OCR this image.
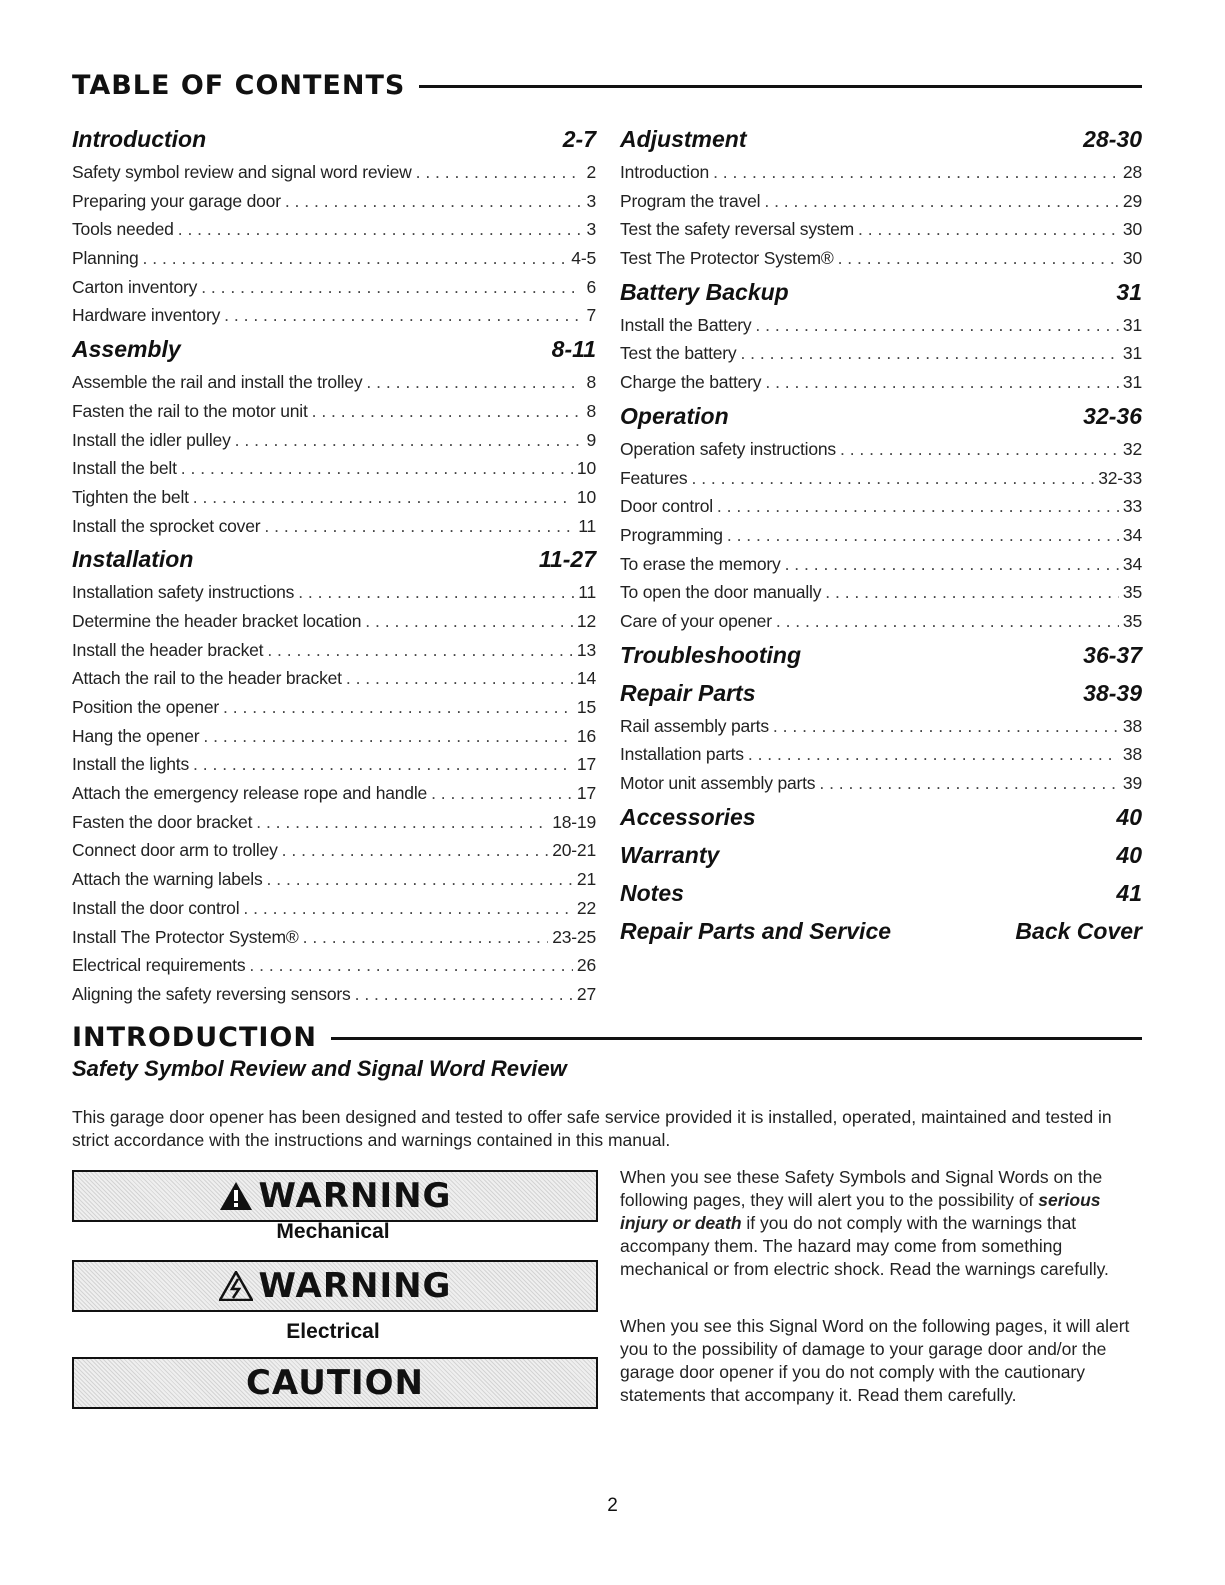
TABLE OF CONTENTS
Introduction	2-7
Safety symbol review and signal word review . . .	2
Preparing your garage door . . .	3
Tools needed . . .	3
Planning . . .	4-5
Carton inventory . . .	6
Hardware inventory . . .	7
Assembly	8-11
Assemble the rail and install the trolley . . .	8
Fasten the rail to the motor unit . . .	8
Install the idler pulley . . .	9
Install the belt . . .	10
Tighten the belt . . .	10
Install the sprocket cover . . .	11
Installation	11-27
Installation safety instructions . . .	11
Determine the header bracket location . . .	12
Install the header bracket . . .	13
Attach the rail to the header bracket . . .	14
Position the opener . . .	15
Hang the opener . . .	16
Install the lights . . .	17
Attach the emergency release rope and handle . . .	17
Fasten the door bracket . . .	18-19
Connect door arm to trolley . . .	20-21
Attach the warning labels . . .	21
Install the door control . . .	22
Install The Protector System® . . .	23-25
Electrical requirements . . .	26
Aligning the safety reversing sensors . . .	27
Adjustment	28-30
Introduction . . .	28
Program the travel . . .	29
Test the safety reversal system . . .	30
Test The Protector System® . . .	30
Battery Backup	31
Install the Battery . . .	31
Test the battery . . .	31
Charge the battery . . .	31
Operation	32-36
Operation safety instructions . . .	32
Features . . .	32-33
Door control . . .	33
Programming . . .	34
To erase the memory . . .	34
To open the door manually . . .	35
Care of your opener . . .	35
Troubleshooting	36-37
Repair Parts	38-39
Rail assembly parts . . .	38
Installation parts . . .	38
Motor unit assembly parts . . .	39
Accessories	40
Warranty	40
Notes	41
Repair Parts and Service	Back Cover
INTRODUCTION
Safety Symbol Review and Signal Word Review
This garage door opener has been designed and tested to offer safe service provided it is installed, operated, maintained and tested in strict accordance with the instructions and warnings contained in this manual.
WARNING
Mechanical
WARNING
Electrical
CAUTION
When you see these Safety Symbols and Signal Words on the following pages, they will alert you to the possibility of serious injury or death if you do not comply with the warnings that accompany them. The hazard may come from something mechanical or from electric shock. Read the warnings carefully.
When you see this Signal Word on the following pages, it will alert you to the possibility of damage to your garage door and/or the garage door opener if you do not comply with the cautionary statements that accompany it. Read them carefully.
2
